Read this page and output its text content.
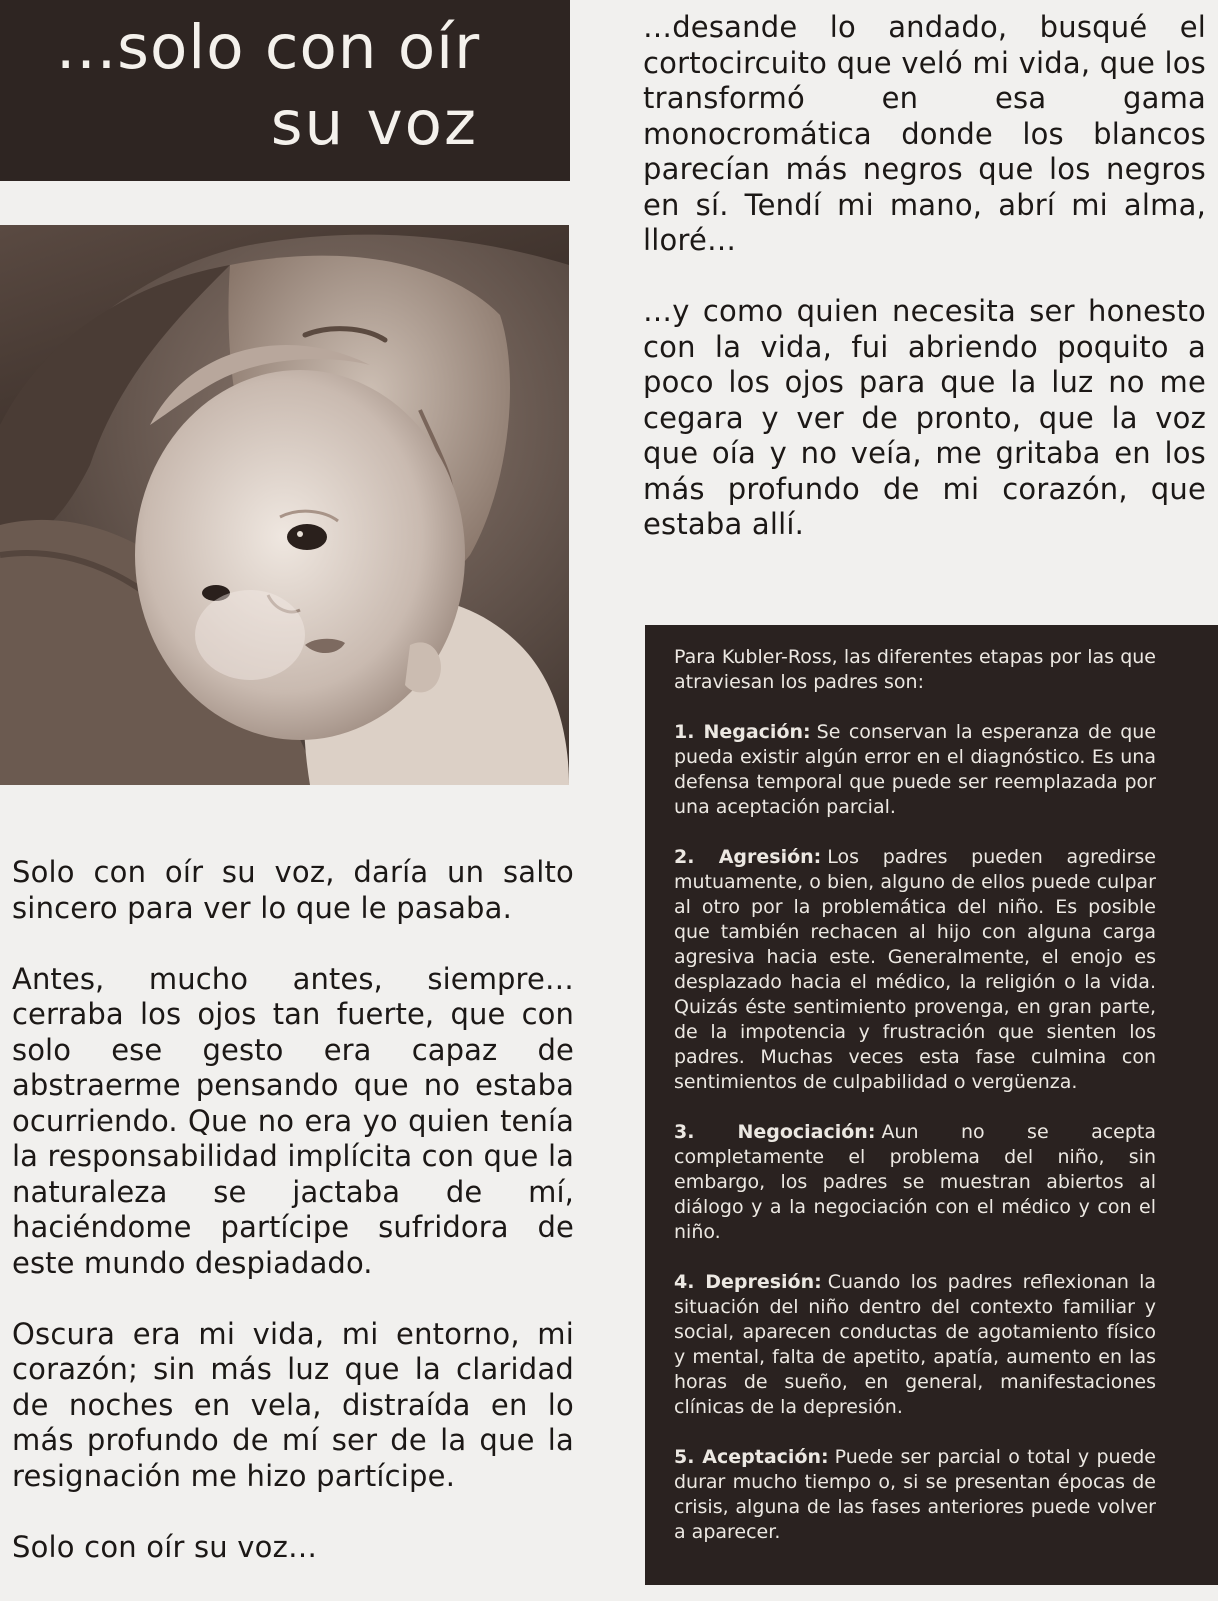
...solo con oír
su voz

Solo con oír su voz, daría un salto sincero para ver lo que le pasaba.

Antes, mucho antes, siempre…cerraba los ojos tan fuerte, que con solo ese gesto era capaz de abstraerme pensando que no estaba ocurriendo. Que no era yo quien tenía la responsabilidad implícita con que la naturaleza se jactaba de mí, haciéndome partícipe sufridora de este mundo despiadado.

Oscura era mi vida, mi entorno, mi corazón; sin más luz que la claridad de noches en vela, distraída en lo más profundo de mí ser de la que la resignación me hizo partícipe.

Solo con oír su voz…

…desande lo andado, busqué el cortocircuito que veló mi vida, que los transformó en esa gama monocromática donde los blancos parecían más negros que los negros en sí. Tendí mi mano, abrí mi alma, lloré…

…y como quien necesita ser honesto con la vida, fui abriendo poquito a poco los ojos para que la luz no me cegara y ver de pronto, que la voz que oía y no veía, me gritaba en los más profundo de mi corazón, que estaba allí.

Para Kubler-Ross, las diferentes etapas por las que atraviesan los padres son:

1. Negación: Se conservan la esperanza de que pueda existir algún error en el diagnóstico. Es una defensa temporal que puede ser reemplazada por una aceptación parcial.

2. Agresión: Los padres pueden agredirse mutuamente, o bien, alguno de ellos puede culpar al otro por la problemática del niño. Es posible que también rechacen al hijo con alguna carga agresiva hacia este. Generalmente, el enojo es desplazado hacia el médico, la religión o la vida. Quizás éste sentimiento provenga, en gran parte, de la impotencia y frustración que sienten los padres. Muchas veces esta fase culmina con sentimientos de culpabilidad o vergüenza.

3. Negociación: Aun no se acepta completamente el problema del niño, sin embargo, los padres se muestran abiertos al diálogo y a la negociación con el médico y con el niño.

4. Depresión: Cuando los padres reflexionan la situación del niño dentro del contexto familiar y social, aparecen conductas de agotamiento físico y mental, falta de apetito, apatía, aumento en las horas de sueño, en general, manifestaciones clínicas de la depresión.

5. Aceptación: Puede ser parcial o total y puede durar mucho tiempo o, si se presentan épocas de crisis, alguna de las fases anteriores puede volver a aparecer.
